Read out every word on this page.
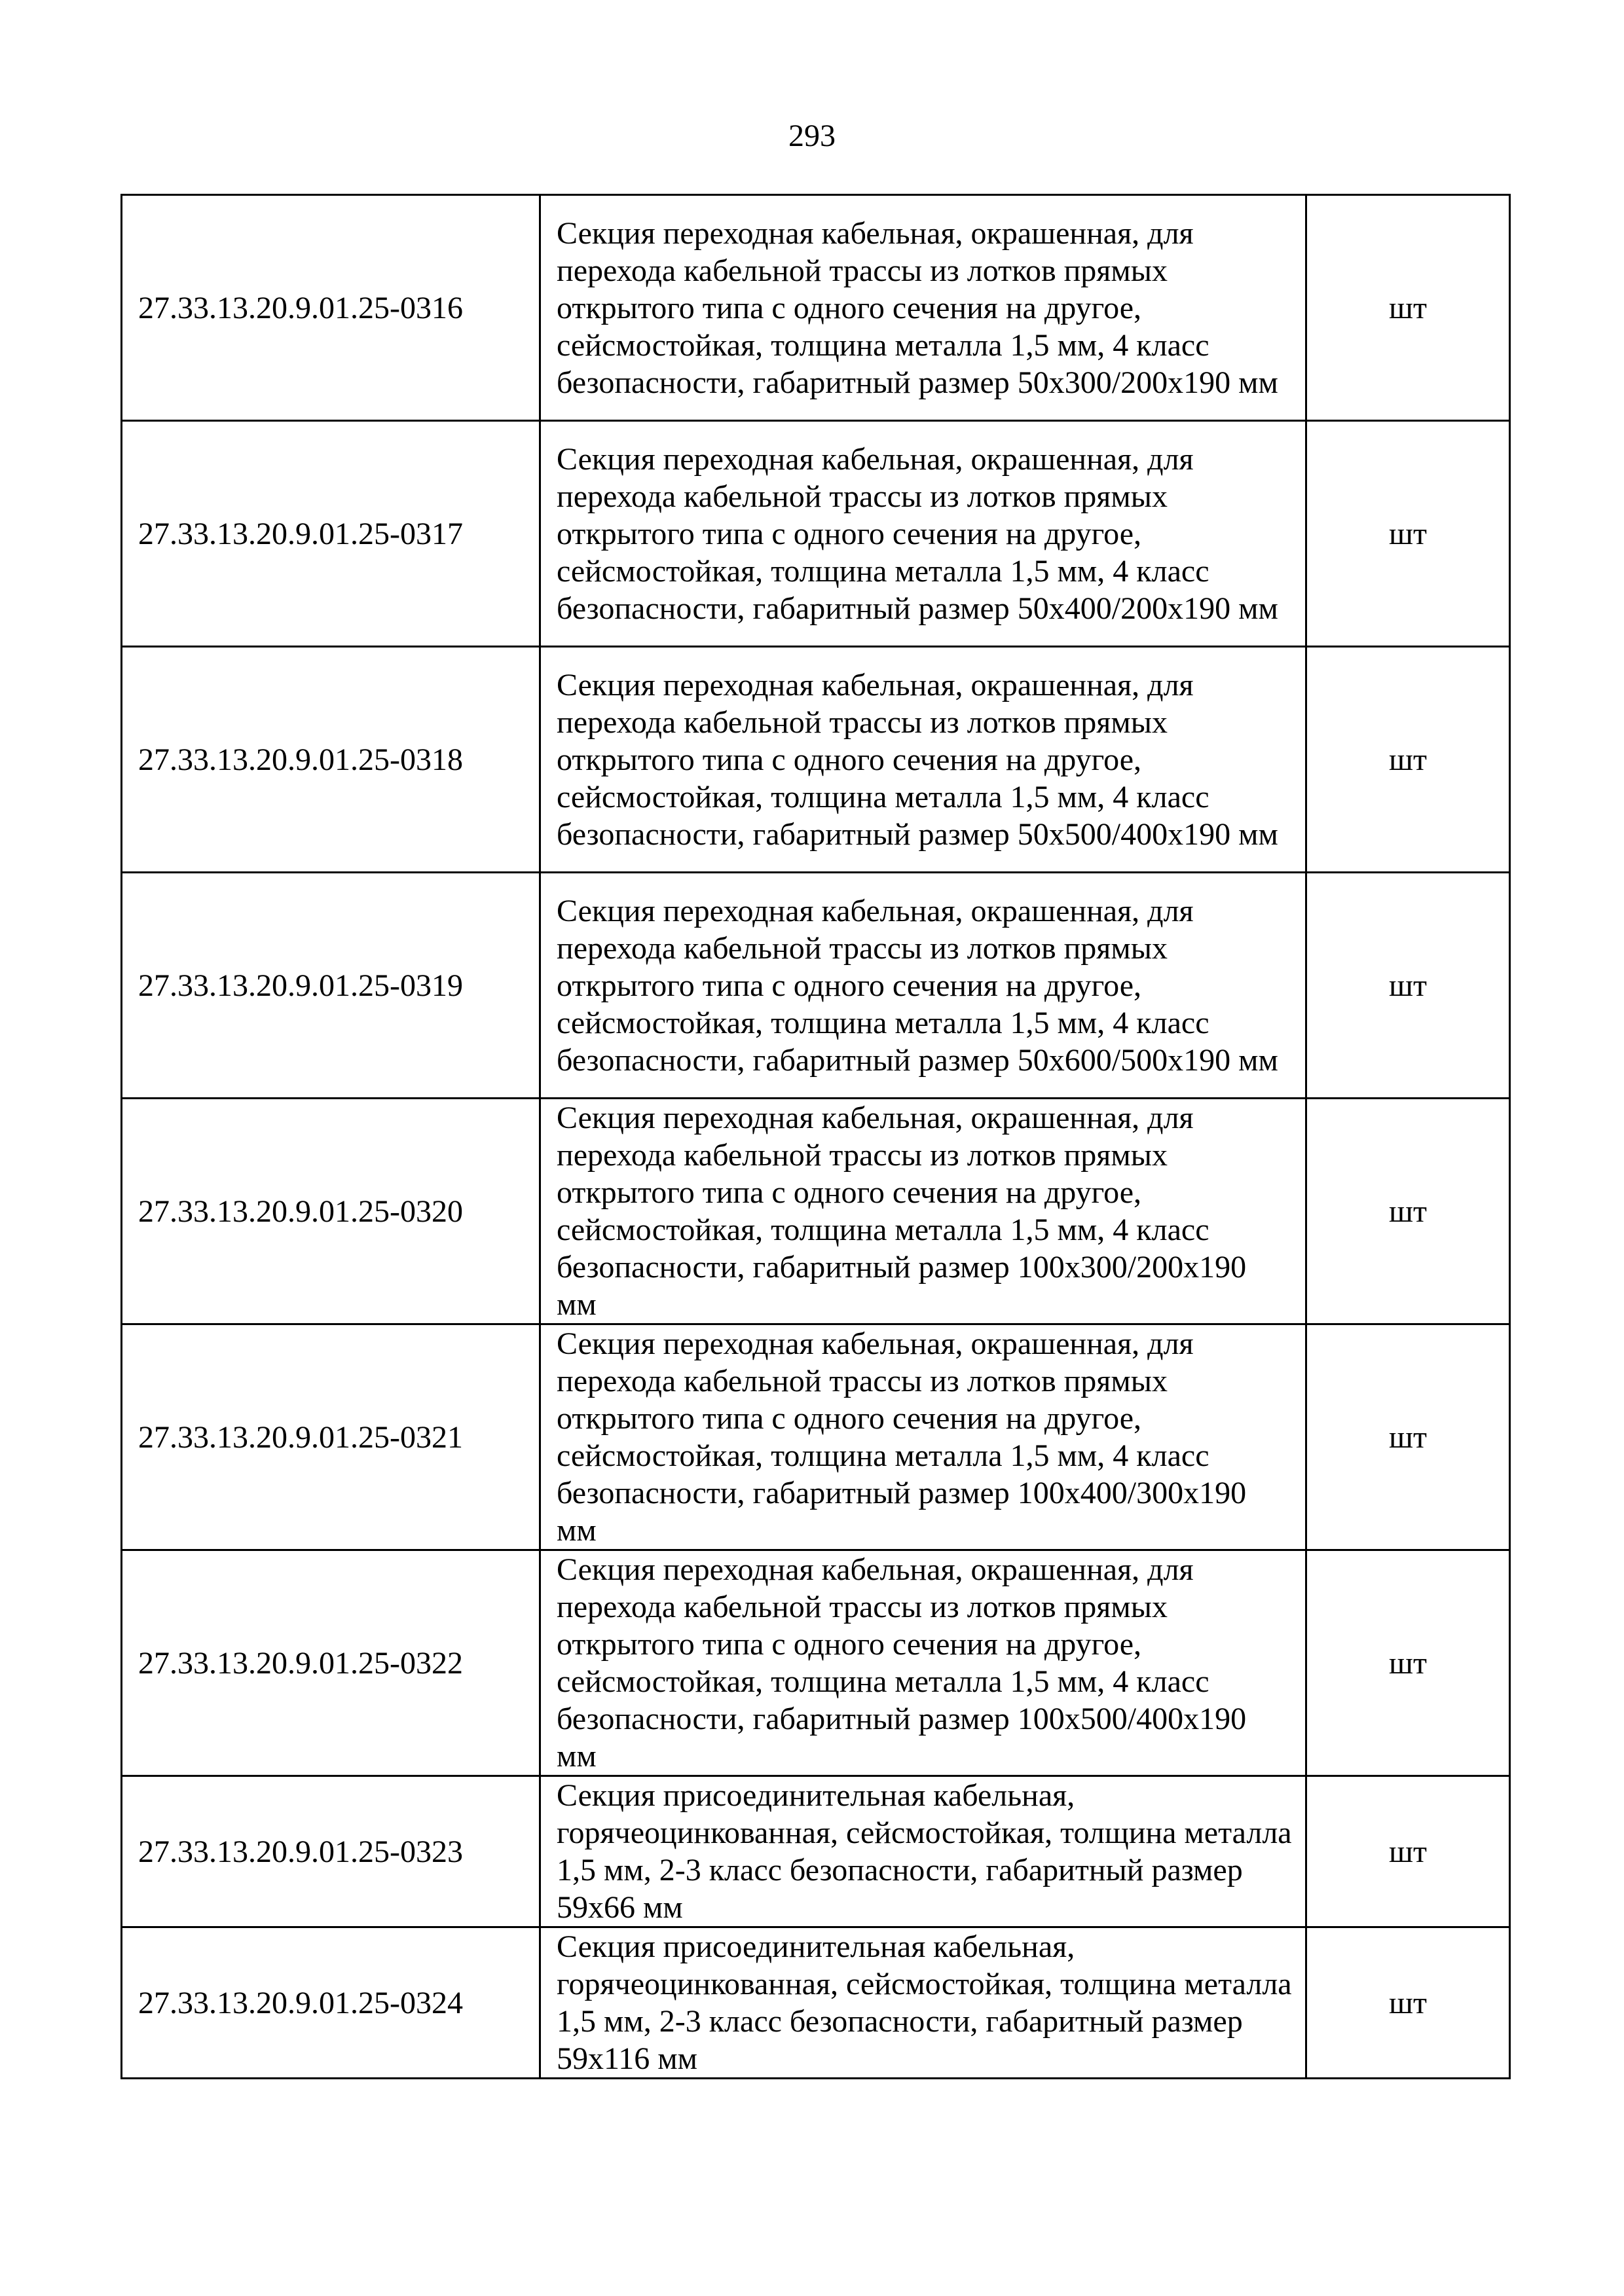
293
27.33.13.20.9.01.25-0316	Секция переходная кабельная, окрашенная, для перехода кабельной трассы из лотков прямых открытого типа с одного сечения на другое, сейсмостойкая, толщина металла 1,5 мм, 4 класс безопасности, габаритный размер 50х300/200х190 мм	шт
27.33.13.20.9.01.25-0317	Секция переходная кабельная, окрашенная, для перехода кабельной трассы из лотков прямых открытого типа с одного сечения на другое, сейсмостойкая, толщина металла 1,5 мм, 4 класс безопасности, габаритный размер 50х400/200х190 мм	шт
27.33.13.20.9.01.25-0318	Секция переходная кабельная, окрашенная, для перехода кабельной трассы из лотков прямых открытого типа с одного сечения на другое, сейсмостойкая, толщина металла 1,5 мм, 4 класс безопасности, габаритный размер 50х500/400х190 мм	шт
27.33.13.20.9.01.25-0319	Секция переходная кабельная, окрашенная, для перехода кабельной трассы из лотков прямых открытого типа с одного сечения на другое, сейсмостойкая, толщина металла 1,5 мм, 4 класс безопасности, габаритный размер 50х600/500х190 мм	шт
27.33.13.20.9.01.25-0320	Секция переходная кабельная, окрашенная, для перехода кабельной трассы из лотков прямых открытого типа с одного сечения на другое, сейсмостойкая, толщина металла 1,5 мм, 4 класс безопасности, габаритный размер 100х300/200х190 мм	шт
27.33.13.20.9.01.25-0321	Секция переходная кабельная, окрашенная, для перехода кабельной трассы из лотков прямых открытого типа с одного сечения на другое, сейсмостойкая, толщина металла 1,5 мм, 4 класс безопасности, габаритный размер 100х400/300х190 мм	шт
27.33.13.20.9.01.25-0322	Секция переходная кабельная, окрашенная, для перехода кабельной трассы из лотков прямых открытого типа с одного сечения на другое, сейсмостойкая, толщина металла 1,5 мм, 4 класс безопасности, габаритный размер 100х500/400х190 мм	шт
27.33.13.20.9.01.25-0323	Секция присоединительная кабельная, горячеоцинкованная, сейсмостойкая, толщина металла 1,5 мм, 2-3 класс безопасности, габаритный размер 59х66 мм	шт
27.33.13.20.9.01.25-0324	Секция присоединительная кабельная, горячеоцинкованная, сейсмостойкая, толщина металла 1,5 мм, 2-3 класс безопасности, габаритный размер 59х116 мм	шт
